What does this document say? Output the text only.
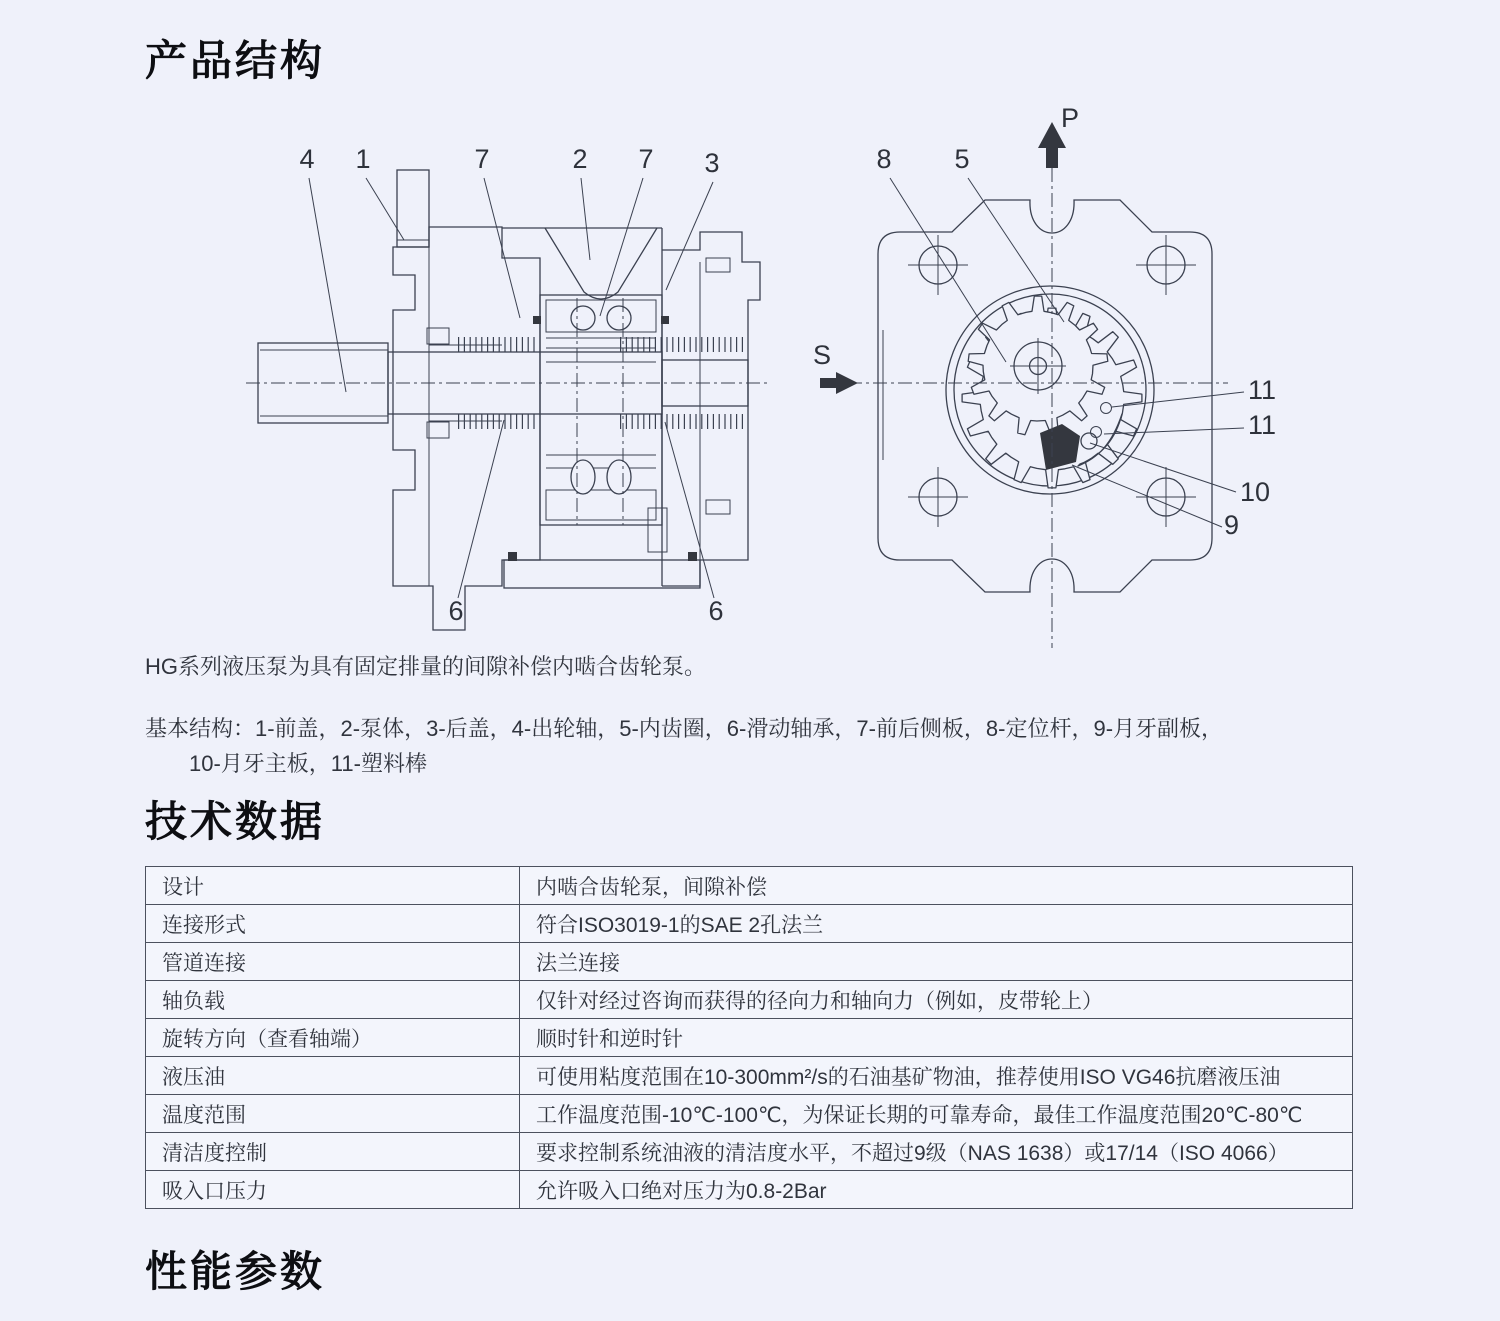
产品结构
4 1	7	2 7 3
6	6
8 5
P
S
11
11
10
9

HG系列液压泵为具有固定排量的间隙补偿内啮合齿轮泵。

基本结构：1-前盖，2-泵体，3-后盖，4-出轮轴，5-内齿圈，6-滑动轴承，7-前后侧板，8-定位杆，9-月牙副板，
10-月牙主板，11-塑料棒

技术数据
设计	内啮合齿轮泵，间隙补偿
连接形式	符合ISO3019-1的SAE 2孔法兰
管道连接	法兰连接
轴负载	仅针对经过咨询而获得的径向力和轴向力（例如，皮带轮上）
旋转方向（查看轴端）	顺时针和逆时针
液压油	可使用粘度范围在10-300mm²/s的石油基矿物油，推荐使用ISO VG46抗磨液压油
温度范围	工作温度范围-10℃-100℃，为保证长期的可靠寿命，最佳工作温度范围20℃-80℃
清洁度控制	要求控制系统油液的清洁度水平，不超过9级（NAS 1638）或17/14（ISO 4066）
吸入口压力	允许吸入口绝对压力为0.8-2Bar
性能参数
